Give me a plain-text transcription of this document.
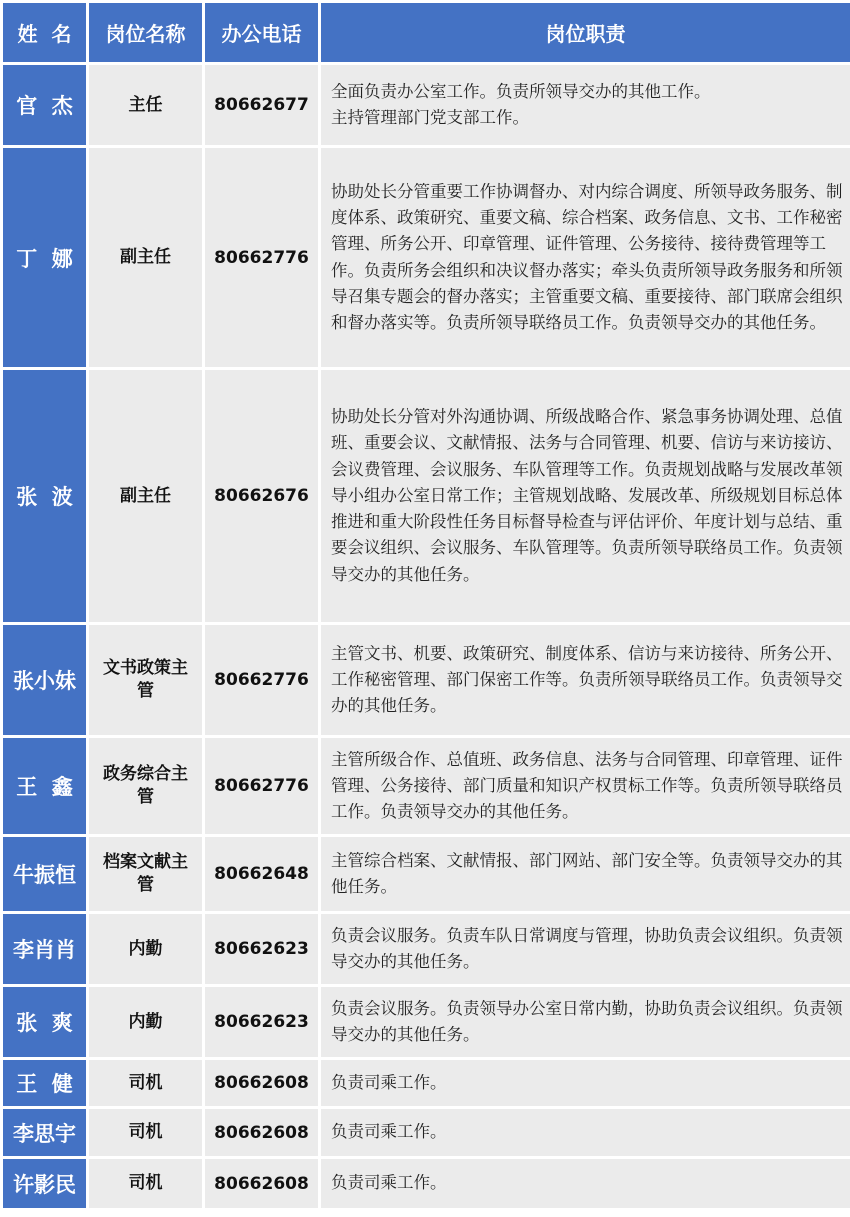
姓  名	岗位名称	办公电话	岗位职责
官  杰	主任	80662677	全面负责办公室工作。负责所领导交办的其他工作。
主持管理部门党支部工作。
丁  娜	副主任	80662776	协助处长分管重要工作协调督办、对内综合调度、所领导政务服务、制度体系、政策研究、重要文稿、综合档案、政务信息、文书、工作秘密管理、所务公开、印章管理、证件管理、公务接待、接待费管理等工作。负责所务会组织和决议督办落实；牵头负责所领导政务服务和所领导召集专题会的督办落实；主管重要文稿、重要接待、部门联席会组织和督办落实等。负责所领导联络员工作。负责领导交办的其他任务。
张  波	副主任	80662676	协助处长分管对外沟通协调、所级战略合作、紧急事务协调处理、总值班、重要会议、文献情报、法务与合同管理、机要、信访与来访接访、会议费管理、会议服务、车队管理等工作。负责规划战略与发展改革领导小组办公室日常工作；主管规划战略、发展改革、所级规划目标总体推进和重大阶段性任务目标督导检查与评估评价、年度计划与总结、重要会议组织、会议服务、车队管理等。负责所领导联络员工作。负责领导交办的其他任务。
张小妹	文书政策主管	80662776	主管文书、机要、政策研究、制度体系、信访与来访接待、所务公开、工作秘密管理、部门保密工作等。负责所领导联络员工作。负责领导交办的其他任务。
王  鑫	政务综合主管	80662776	主管所级合作、总值班、政务信息、法务与合同管理、印章管理、证件管理、公务接待、部门质量和知识产权贯标工作等。负责所领导联络员工作。负责领导交办的其他任务。
牛振恒	档案文献主管	80662648	主管综合档案、文献情报、部门网站、部门安全等。负责领导交办的其他任务。
李肖肖	内勤	80662623	负责会议服务。负责车队日常调度与管理，协助负责会议组织。负责领导交办的其他任务。
张  爽	内勤	80662623	负责会议服务。负责领导办公室日常内勤，协助负责会议组织。负责领导交办的其他任务。
王  健	司机	80662608	负责司乘工作。
李思宇	司机	80662608	负责司乘工作。
许影民	司机	80662608	负责司乘工作。
